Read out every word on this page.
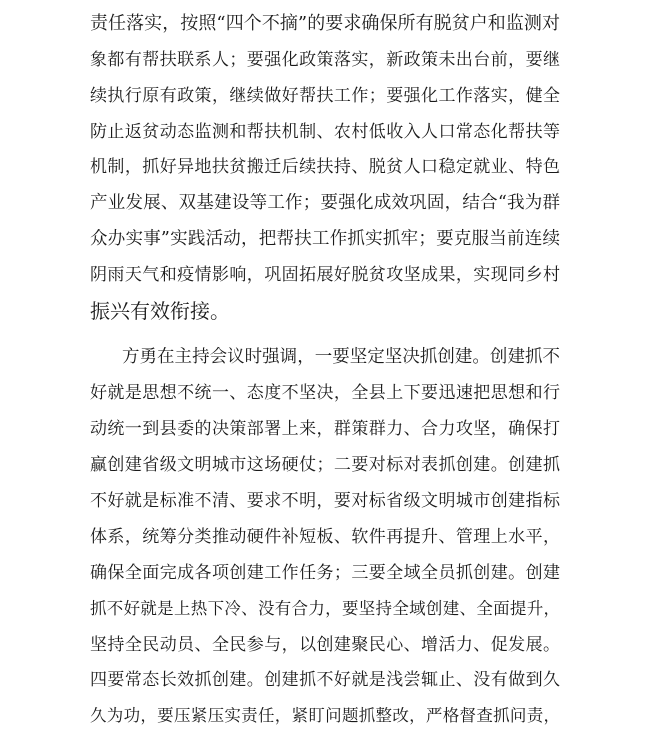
责任落实，按照“四个不摘”的要求确保所有脱贫户和监测对
象都有帮扶联系人；要强化政策落实，新政策未出台前，要继
续执行原有政策，继续做好帮扶工作；要强化工作落实，健全
防止返贫动态监测和帮扶机制、农村低收入人口常态化帮扶等
机制，抓好异地扶贫搬迁后续扶持、脱贫人口稳定就业、特色
产业发展、双基建设等工作；要强化成效巩固，结合“我为群
众办实事”实践活动，把帮扶工作抓实抓牢；要克服当前连续
阴雨天气和疫情影响，巩固拓展好脱贫攻坚成果，实现同乡村
振兴有效衔接。
方勇在主持会议时强调，一要坚定坚决抓创建。创建抓不
好就是思想不统一、态度不坚决，全县上下要迅速把思想和行
动统一到县委的决策部署上来，群策群力、合力攻坚，确保打
赢创建省级文明城市这场硬仗；二要对标对表抓创建。创建抓
不好就是标准不清、要求不明，要对标省级文明城市创建指标
体系，统筹分类推动硬件补短板、软件再提升、管理上水平，
确保全面完成各项创建工作任务；三要全域全员抓创建。创建
抓不好就是上热下冷、没有合力，要坚持全域创建、全面提升，
坚持全民动员、全民参与，以创建聚民心、增活力、促发展。
四要常态长效抓创建。创建抓不好就是浅尝辄止、没有做到久
久为功，要压紧压实责任，紧盯问题抓整改，严格督查抓问责，
